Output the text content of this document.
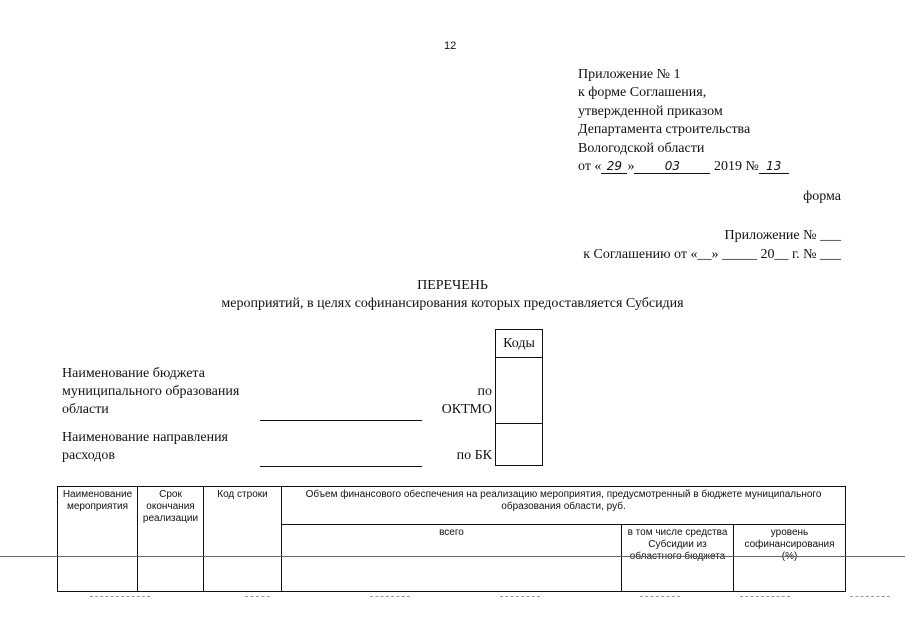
12
Приложение № 1
к форме Соглашения,
утвержденной приказом
Департамента строительства
Вологодской области
от « 29 »	03 2019 № 13
форма
Приложение № ___
к Соглашению от «__» _____ 20__ г. № ___
ПЕРЕЧЕНЬ
мероприятий, в целях софинансирования которых предоставляется Субсидия
Коды
Наименование бюджета
муниципального образования
области
по
ОКТМО
Наименование направления
расходов	по БК
Наименование мероприятия	Срок окончания реализации	Код строки	Объем финансового обеспечения на реализацию мероприятия, предусмотренный в бюджете муниципального образования области, руб.		
			всего	в том числе средства Субсидии из областного бюджета	уровень софинансирования (%)
